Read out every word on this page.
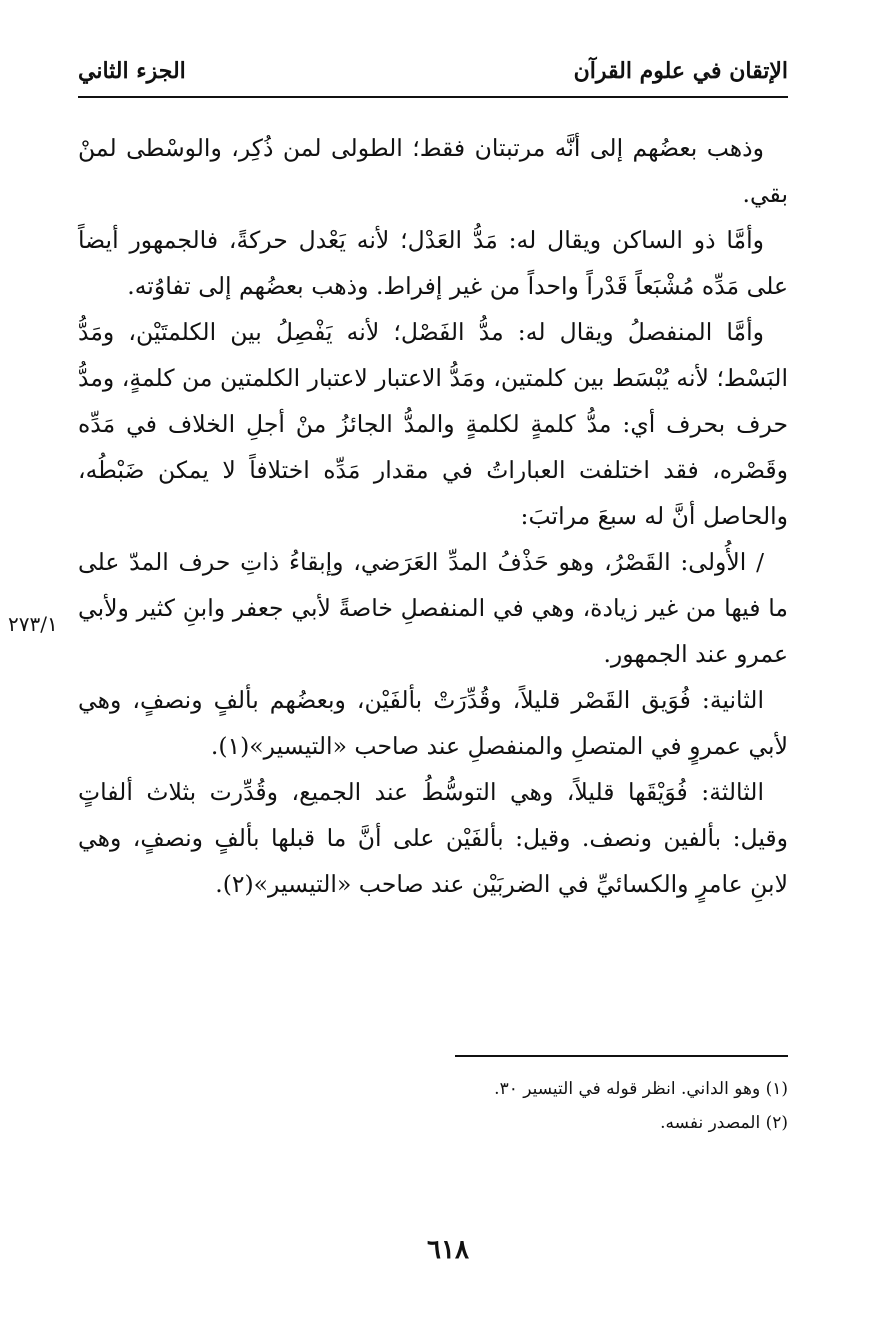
الإتقان في علوم القرآن
الجزء الثاني

وذهب بعضُهم إلى أنَّه مرتبتان فقط؛ الطولى لمن ذُكِر، والوسْطى لمنْ بقي.

وأمَّا ذو الساكن ويقال له: مَدُّ العَدْل؛ لأنه يَعْدل حركةً، فالجمهور أيضاً على مَدِّه مُشْبَعاً قَدْراً واحداً من غير إفراط. وذهب بعضُهم إلى تفاوُته.

وأمَّا المنفصلُ ويقال له: مدُّ الفَصْل؛ لأنه يَفْصِلُ بين الكلمتَيْن، ومَدُّ البَسْط؛ لأنه يُبْسَط بين كلمتين، ومَدُّ الاعتبار لاعتبار الكلمتين من كلمةٍ، ومدُّ حرف بحرف أي: مدُّ كلمةٍ لكلمةٍ والمدُّ الجائزُ منْ أجلِ الخلاف في مَدِّه وقَصْره، فقد اختلفت العباراتُ في مقدار مَدِّه اختلافاً لا يمكن ضَبْطُه، والحاصل أنَّ له سبعَ مراتبَ:

/ الأُولى: القَصْرُ، وهو حَذْفُ المدِّ العَرَضي، وإبقاءُ ذاتِ حرف المدّ على ما فيها من غير زيادة، وهي في المنفصلِ خاصةً لأبي جعفر وابنِ كثير ولأبي عمرو عند الجمهور.

الثانية: فُوَيق القَصْر قليلاً، وقُدِّرَتْ بألفَيْن، وبعضُهم بألفٍ ونصفٍ، وهي لأبي عمروٍ في المتصلِ والمنفصلِ عند صاحب «التيسير»(١).

الثالثة: فُوَيْقَها قليلاً، وهي التوسُّطُ عند الجميع، وقُدِّرت بثلاث ألفاتٍ وقيل: بألفين ونصف. وقيل: بألفَيْن على أنَّ ما قبلها بألفٍ ونصفٍ، وهي لابنِ عامرٍ والكسائيِّ في الضربَيْن عند صاحب «التيسير»(٢).

٢٧٣/١
(١) وهو الداني. انظر قوله في التيسير ٣٠.
(٢) المصدر نفسه.
٦١٨
